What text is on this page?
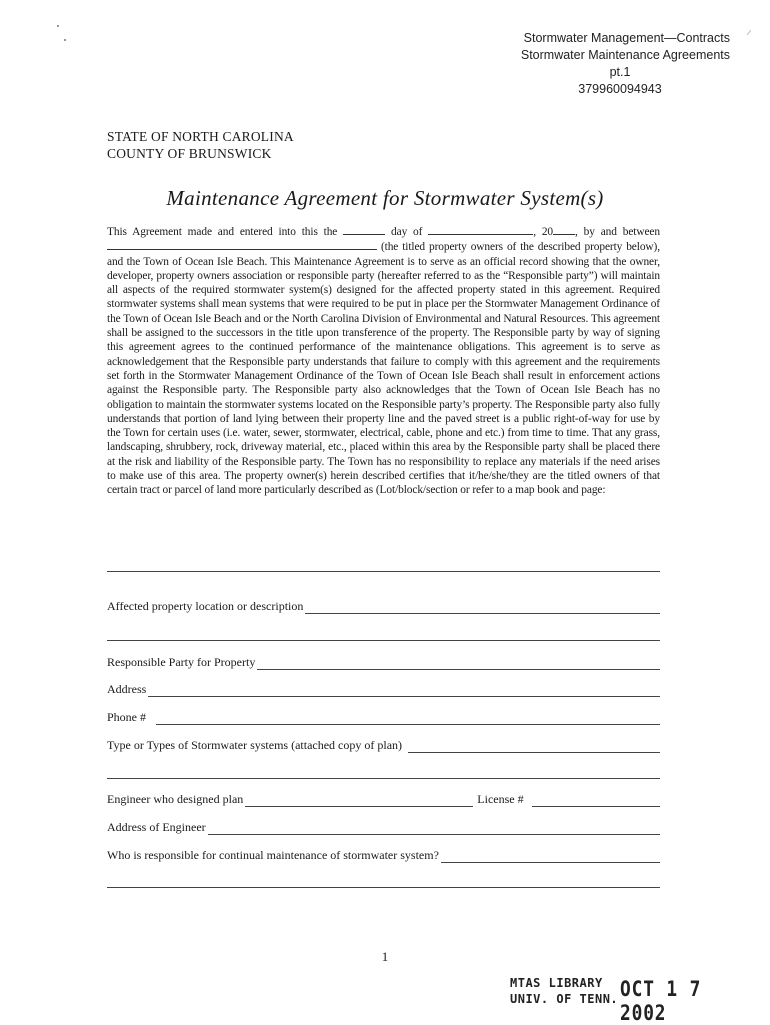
ᐟ
Stormwater Management—Contracts
Stormwater Maintenance Agreements
pt.1
379960094943
STATE OF NORTH CAROLINA
COUNTY OF BRUNSWICK
Maintenance Agreement for Stormwater System(s)
This Agreement made and entered into this the	day of	, 20 , by and between (the titled property owners of the described property below), and the Town of Ocean Isle Beach. This Maintenance Agreement is to serve as an official record showing that the owner, developer, property owners association or responsible party (hereafter referred to as the “Responsible party”) will maintain all aspects of the required stormwater system(s) designed for the affected property stated in this agreement. Required stormwater systems shall mean systems that were required to be put in place per the Stormwater Management Ordinance of the Town of Ocean Isle Beach and or the North Carolina Division of Environmental and Natural Resources. This agreement shall be assigned to the successors in the title upon transference of the property. The Responsible party by way of signing this agreement agrees to the continued performance of the maintenance obligations. This agreement is to serve as acknowledgement that the Responsible party understands that failure to comply with this agreement and the requirements set forth in the Stormwater Management Ordinance of the Town of Ocean Isle Beach shall result in enforcement actions against the Responsible party. The Responsible party also acknowledges that the Town of Ocean Isle Beach has no obligation to maintain the stormwater systems located on the Responsible party’s property. The Responsible party also fully understands that portion of land lying between their property line and the paved street is a public right-of-way for use by the Town for certain uses (i.e. water, sewer, stormwater, electrical, cable, phone and etc.) from time to time. That any grass, landscaping, shrubbery, rock, driveway material, etc., placed within this area by the Responsible party shall be placed there at the risk and liability of the Responsible party. The Town has no responsibility to replace any materials if the need arises to make use of this area. The property owner(s) herein described certifies that it/he/she/they are the titled owners of that certain tract or parcel of land more particularly described as (Lot/block/section or refer to a map book and page:
Affected property location or description
Responsible Party for Property
Address
Phone #
Type or Types of Stormwater systems (attached copy of plan)
Engineer who designed plan	License #
Address of Engineer
Who is responsible for continual maintenance of stormwater system?
1
MTAS LIBRARY
UNIV. OF TENN. OCT 1 7 2002
